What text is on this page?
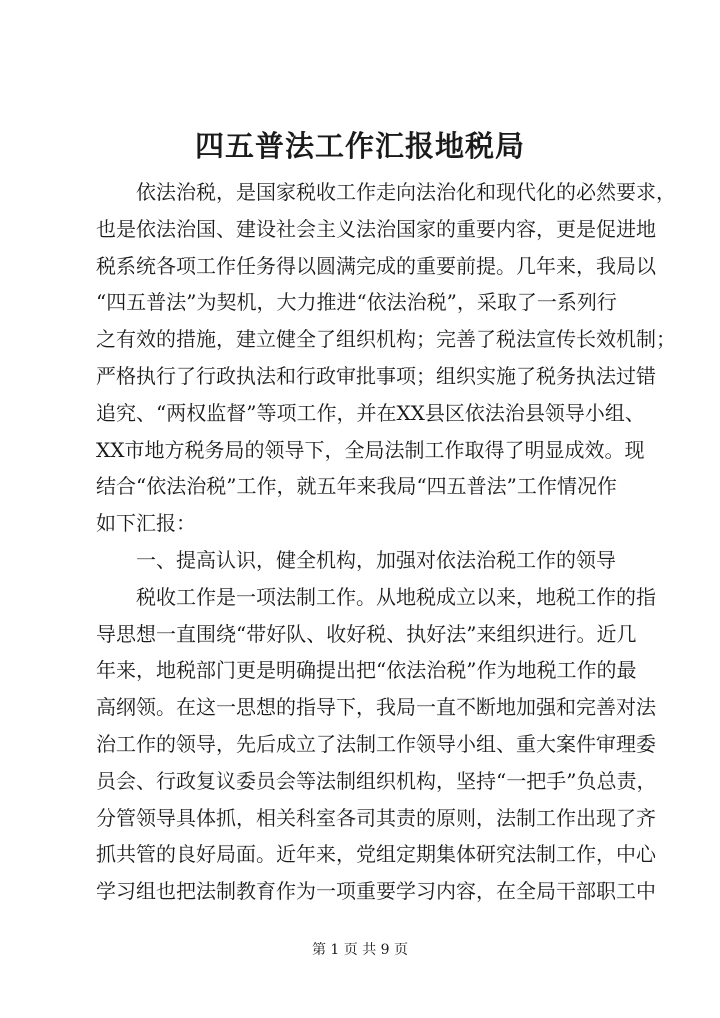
四五普法工作汇报地税局
依法治税，是国家税收工作走向法治化和现代化的必然要求，
也是依法治国、建设社会主义法治国家的重要内容，更是促进地
税系统各项工作任务得以圆满完成的重要前提。几年来，我局以
“四五普法”为契机，大力推进“依法治税”，采取了一系列行
之有效的措施，建立健全了组织机构；完善了税法宣传长效机制；
严格执行了行政执法和行政审批事项；组织实施了税务执法过错
追究、“两权监督”等项工作，并在XX县区依法治县领导小组、
XX市地方税务局的领导下，全局法制工作取得了明显成效。现
结合“依法治税”工作，就五年来我局“四五普法”工作情况作
如下汇报：
一、提高认识，健全机构，加强对依法治税工作的领导
税收工作是一项法制工作。从地税成立以来，地税工作的指
导思想一直围绕“带好队、收好税、执好法”来组织进行。近几
年来，地税部门更是明确提出把“依法治税”作为地税工作的最
高纲领。在这一思想的指导下，我局一直不断地加强和完善对法
治工作的领导，先后成立了法制工作领导小组、重大案件审理委
员会、行政复议委员会等法制组织机构，坚持“一把手”负总责，
分管领导具体抓，相关科室各司其责的原则，法制工作出现了齐
抓共管的良好局面。近年来，党组定期集体研究法制工作，中心
学习组也把法制教育作为一项重要学习内容，在全局干部职工中
第 1 页 共 9 页
